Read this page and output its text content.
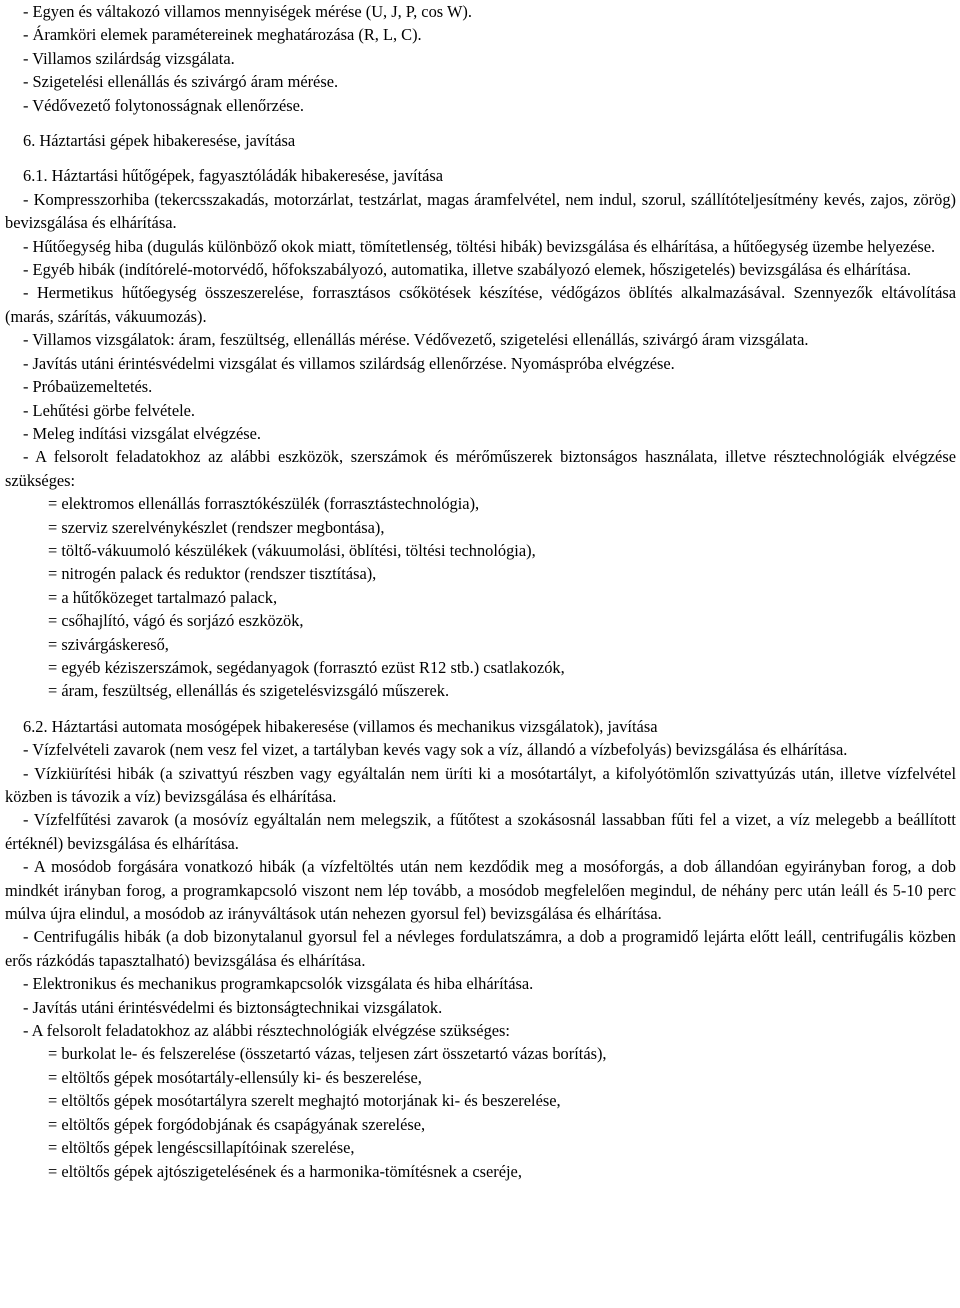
- Egyen és váltakozó villamos mennyiségek mérése (U, J, P, cos W).
- Áramköri elemek paramétereinek meghatározása (R, L, C).
- Villamos szilárdság vizsgálata.
- Szigetelési ellenállás és szivárgó áram mérése.
- Védővezető folytonosságnak ellenőrzése.
6. Háztartási gépek hibakeresése, javítása
6.1. Háztartási hűtőgépek, fagyasztóládák hibakeresése, javítása

- Kompresszorhiba (tekercsszakadás, motorzárlat, testzárlat, magas áramfelvétel, nem indul, szorul, szállítóteljesítmény kevés, zajos, zörög) bevizsgálása és elhárítása.

- Hűtőegység hiba (dugulás különböző okok miatt, tömítetlenség, töltési hibák) bevizsgálása és elhárítása, a hűtőegység üzembe helyezése.

- Egyéb hibák (indítórelé-motorvédő, hőfokszabályozó, automatika, illetve szabályozó elemek, hőszigetelés) bevizsgálása és elhárítása.

- Hermetikus hűtőegység összeszerelése, forrasztásos csőkötések készítése, védőgázos öblítés alkalmazásával. Szennyezők eltávolítása (marás, szárítás, vákuumozás).

- Villamos vizsgálatok: áram, feszültség, ellenállás mérése. Védővezető, szigetelési ellenállás, szivárgó áram vizsgálata.

- Javítás utáni érintésvédelmi vizsgálat és villamos szilárdság ellenőrzése. Nyomáspróba elvégzése.

- Próbaüzemeltetés.

- Lehűtési görbe felvétele.

- Meleg indítási vizsgálat elvégzése.

- A felsorolt feladatokhoz az alábbi eszközök, szerszámok és mérőműszerek biztonságos használata, illetve résztechnológiák elvégzése szükséges:

= elektromos ellenállás forrasztókészülék (forrasztástechnológia),
= szerviz szerelvénykészlet (rendszer megbontása),
= töltő-vákuumoló készülékek (vákuumolási, öblítési, töltési technológia),
= nitrogén palack és reduktor (rendszer tisztítása),
= a hűtőközeget tartalmazó palack,
= csőhajlító, vágó és sorjázó eszközök,
= szivárgáskereső,
= egyéb kéziszerszámok, segédanyagok (forrasztó ezüst R12 stb.) csatlakozók,
= áram, feszültség, ellenállás és szigetelésvizsgáló műszerek.
6.2. Háztartási automata mosógépek hibakeresése (villamos és mechanikus vizsgálatok), javítása

- Vízfelvételi zavarok (nem vesz fel vizet, a tartályban kevés vagy sok a víz, állandó a vízbefolyás) bevizsgálása és elhárítása.

- Vízkiürítési hibák (a szivattyú részben vagy egyáltalán nem üríti ki a mosótartályt, a kifolyótömlőn szivattyúzás után, illetve vízfelvétel közben is távozik a víz) bevizsgálása és elhárítása.

- Vízfelfűtési zavarok (a mosóvíz egyáltalán nem melegszik, a fűtőtest a szokásosnál lassabban fűti fel a vizet, a víz melegebb a beállított értéknél) bevizsgálása és elhárítása.

- A mosódob forgására vonatkozó hibák (a vízfeltöltés után nem kezdődik meg a mosóforgás, a dob állandóan egyirányban forog, a dob mindkét irányban forog, a programkapcsoló viszont nem lép tovább, a mosódob megfelelően megindul, de néhány perc után leáll és 5-10 perc múlva újra elindul, a mosódob az irányváltások után nehezen gyorsul fel) bevizsgálása és elhárítása.

- Centrifugális hibák (a dob bizonytalanul gyorsul fel a névleges fordulatszámra, a dob a programidő lejárta előtt leáll, centrifugális közben erős rázkódás tapasztalható) bevizsgálása és elhárítása.

- Elektronikus és mechanikus programkapcsolók vizsgálata és hiba elhárítása.

- Javítás utáni érintésvédelmi és biztonságtechnikai vizsgálatok.

- A felsorolt feladatokhoz az alábbi résztechnológiák elvégzése szükséges:

= burkolat le- és felszerelése (összetartó vázas, teljesen zárt összetartó vázas borítás),
= eltöltős gépek mosótartály-ellensúly ki- és beszerelése,
= eltöltős gépek mosótartályra szerelt meghajtó motorjának ki- és beszerelése,
= eltöltős gépek forgódobjának és csapágyának szerelése,
= eltöltős gépek lengéscsillapítóinak szerelése,
= eltöltős gépek ajtószigetelésének és a harmonika-tömítésnek a cseréje,
